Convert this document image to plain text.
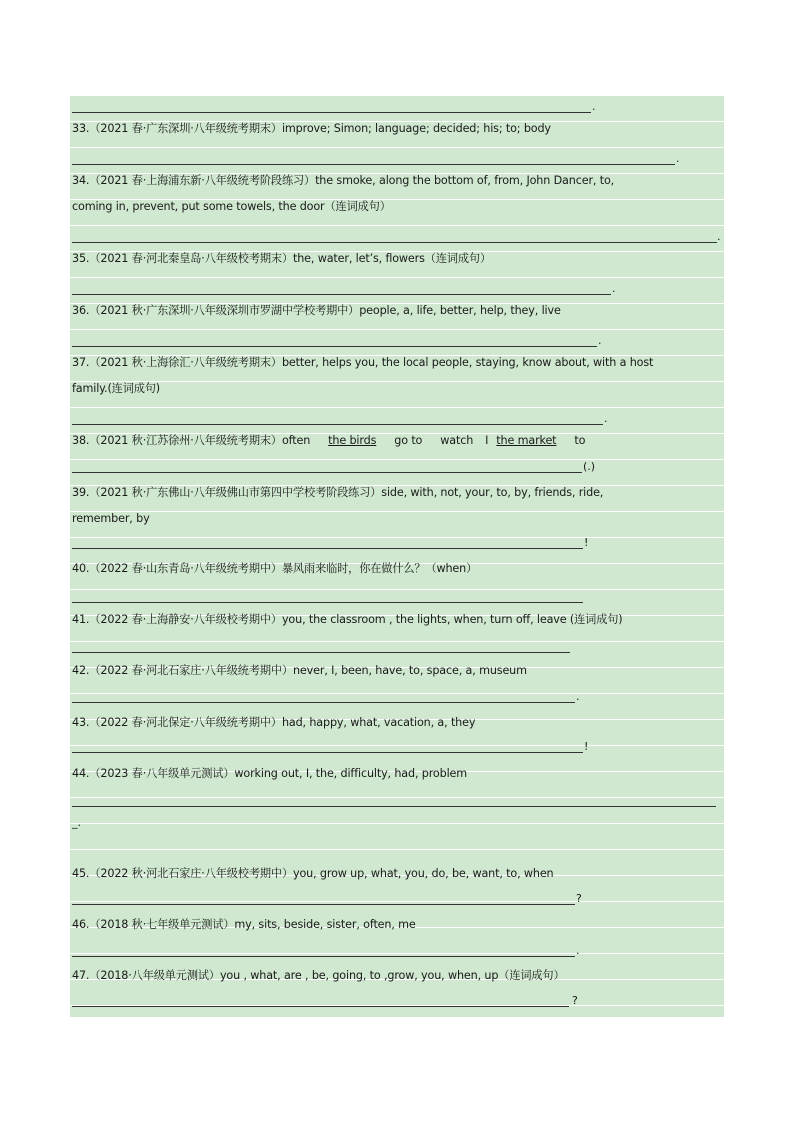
.
33.（2021 春·广东深圳·八年级统考期末）improve; Simon; language; decided; his; to; body
.
34.（2021 春·上海浦东新·八年级统考阶段练习）the smoke, along the bottom of, from, John Dancer, to,
coming in, prevent, put some towels, the door（连词成句）
.
35.（2021 春·河北秦皇岛·八年级校考期末）the, water, let’s, flowers（连词成句）
.
36.（2021 秋·广东深圳·八年级深圳市罗湖中学校考期中）people, a, life, better, help, they, live
.
37.（2021 秋·上海徐汇·八年级统考期末）better, helps you, the local people, staying, know about, with a host
family.(连词成句)
.
38.（2021 秋·江苏徐州·八年级统考期末）often the birds go to watch I the market to
(.)
39.（2021 秋·广东佛山·八年级佛山市第四中学校考阶段练习）side, with, not, your, to, by, friends, ride,
remember, by
!
40.（2022 春·山东青岛·八年级统考期中）暴风雨来临时，你在做什么？（when）
41.（2022 春·上海静安·八年级校考期中）you, the classroom , the lights, when, turn off, leave (连词成句)
42.（2022 春·河北石家庄·八年级统考期中）never, I, been, have, to, space, a, museum
.
43.（2022 春·河北保定·八年级统考期中）had, happy, what, vacation, a, they
!
44.（2023 春·八年级单元测试）working out, I, the, difficulty, had, problem
_.
45.（2022 秋·河北石家庄·八年级校考期中）you, grow up, what, you, do, be, want, to, when
?
46.（2018 秋·七年级单元测试）my, sits, beside, sister, often, me
.
47.（2018·八年级单元测试）you , what, are , be, going, to ,grow, you, when, up（连词成句）
?
